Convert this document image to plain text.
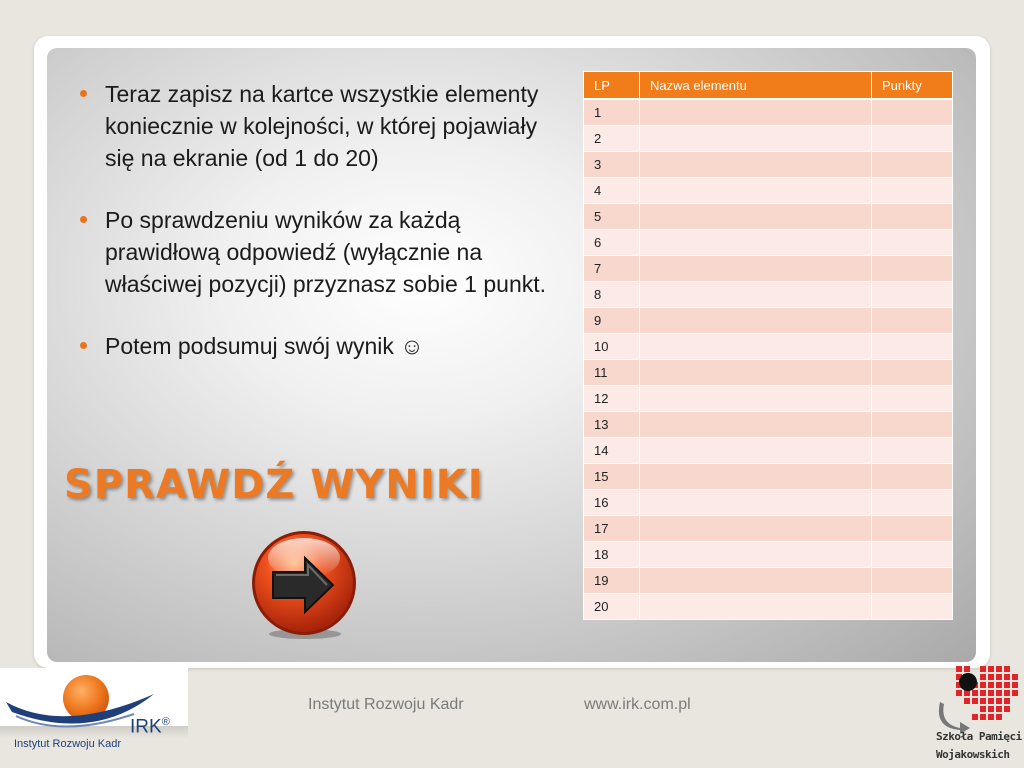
Teraz zapisz na kartce wszystkie elementy koniecznie w kolejności, w której pojawiały się na ekranie (od 1 do 20)
Po sprawdzeniu wyników za każdą prawidłową odpowiedź (wyłącznie na właściwej pozycji) przyznasz sobie 1 punkt.
Potem podsumuj swój wynik ☺
SPRAWDŹ WYNIKI
LP	Nazwa elementu	Punkty
1		
2		
3		
4		
5		
6		
7		
8		
9		
10		
11		
12		
13		
14		
15		
16		
17		
18		
19		
20		
IRK®
Instytut Rozwoju Kadr
Instytut Rozwoju Kadr	www.irk.com.pl
Szkoła Pamięci
Wojakowskich
